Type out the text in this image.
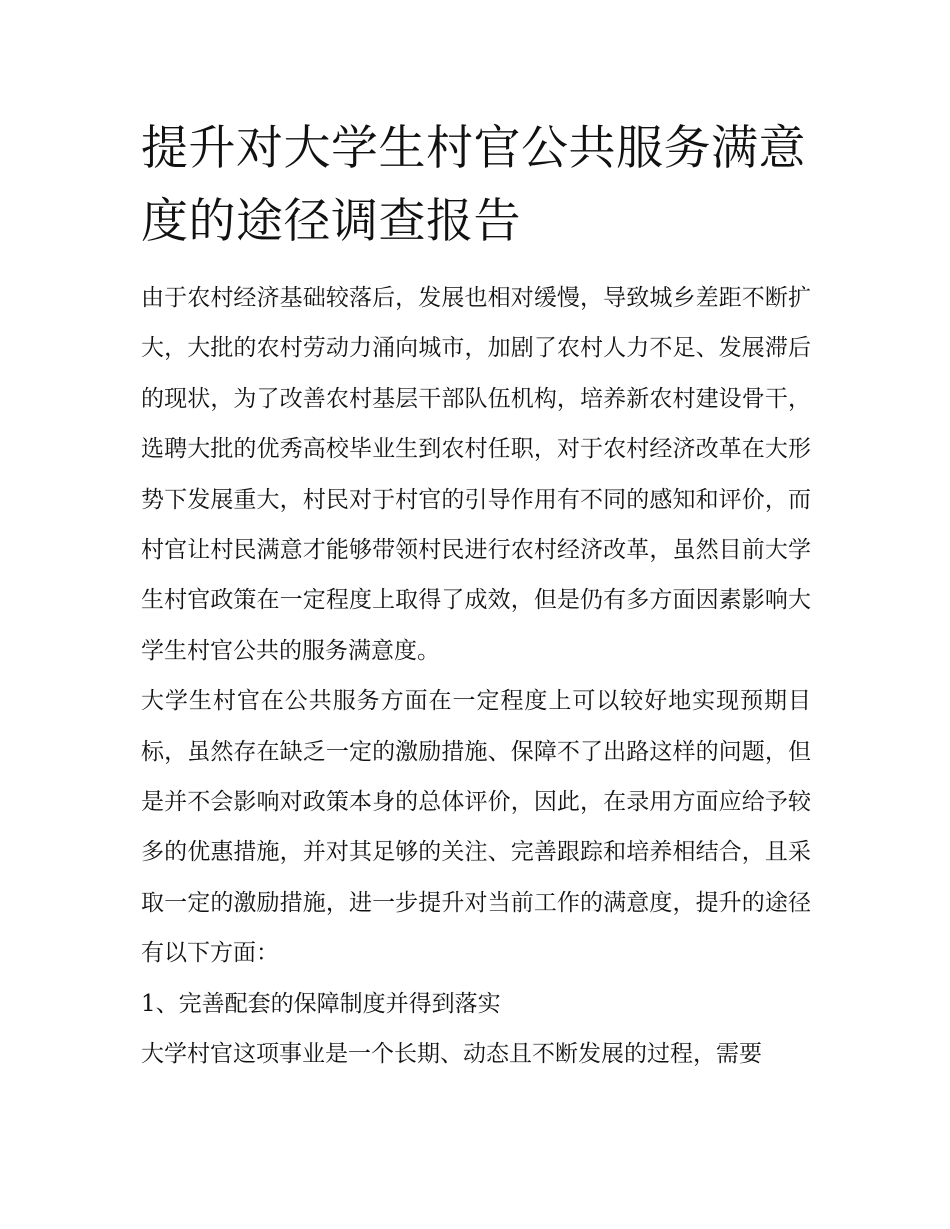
提升对大学生村官公共服务满意度的途径调查报告

由于农村经济基础较落后，发展也相对缓慢，导致城乡差距不断扩大，大批的农村劳动力涌向城市，加剧了农村人力不足、发展滞后的现状，为了改善农村基层干部队伍机构，培养新农村建设骨干，选聘大批的优秀高校毕业生到农村任职，对于农村经济改革在大形势下发展重大，村民对于村官的引导作用有不同的感知和评价，而村官让村民满意才能够带领村民进行农村经济改革，虽然目前大学生村官政策在一定程度上取得了成效，但是仍有多方面因素影响大学生村官公共的服务满意度。

大学生村官在公共服务方面在一定程度上可以较好地实现预期目标，虽然存在缺乏一定的激励措施、保障不了出路这样的问题，但是并不会影响对政策本身的总体评价，因此，在录用方面应给予较多的优惠措施，并对其足够的关注、完善跟踪和培养相结合，且采取一定的激励措施，进一步提升对当前工作的满意度，提升的途径有以下方面：

1、完善配套的保障制度并得到落实

大学村官这项事业是一个长期、动态且不断发展的过程，需要
